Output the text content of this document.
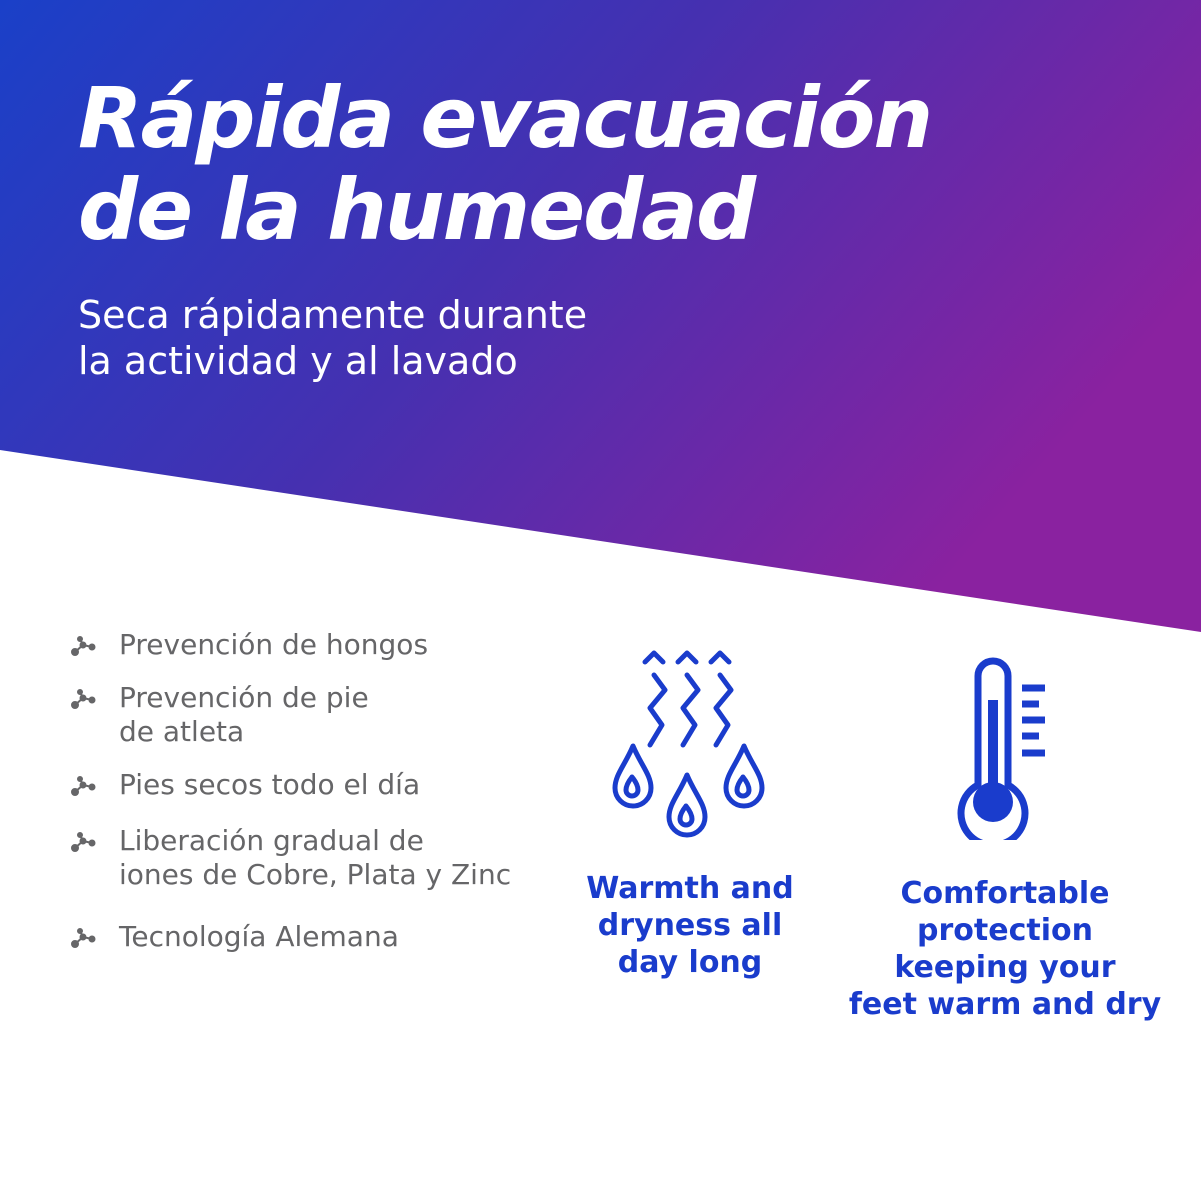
Rápida evacuación
de la humedad
Seca rápidamente durante
la actividad y al lavado
Prevención de hongos
Prevención de pie
de atleta
Pies secos todo el día
Liberación gradual de
iones de Cobre, Plata y Zinc
Tecnología Alemana
Warmth and
dryness all
day long
Comfortable
protection
keeping your
feet warm and dry
